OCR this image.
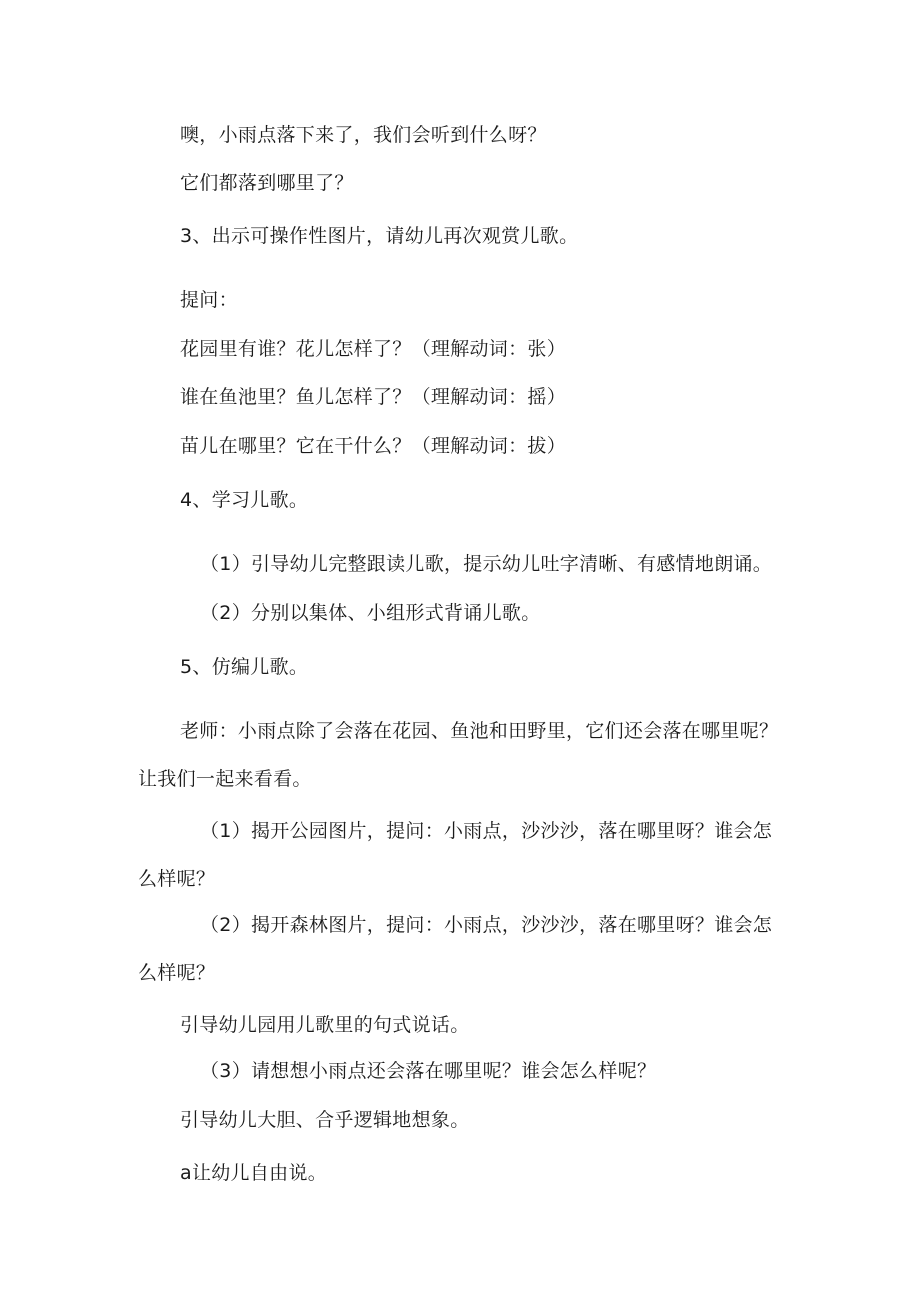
噢，小雨点落下来了，我们会听到什么呀？
它们都落到哪里了？
3、出示可操作性图片，请幼儿再次观赏儿歌。
提问：
花园里有谁？花儿怎样了？（理解动词：张）
谁在鱼池里？鱼儿怎样了？（理解动词：摇）
苗儿在哪里？它在干什么？（理解动词：拔）
4、学习儿歌。
（1）引导幼儿完整跟读儿歌，提示幼儿吐字清晰、有感情地朗诵。
（2）分别以集体、小组形式背诵儿歌。
5、仿编儿歌。
老师：小雨点除了会落在花园、鱼池和田野里，它们还会落在哪里呢？
让我们一起来看看。
（1）揭开公园图片，提问：小雨点，沙沙沙，落在哪里呀？谁会怎
么样呢？
（2）揭开森林图片，提问：小雨点，沙沙沙，落在哪里呀？谁会怎
么样呢？
引导幼儿园用儿歌里的句式说话。
（3）请想想小雨点还会落在哪里呢？谁会怎么样呢？
引导幼儿大胆、合乎逻辑地想象。
a让幼儿自由说。
